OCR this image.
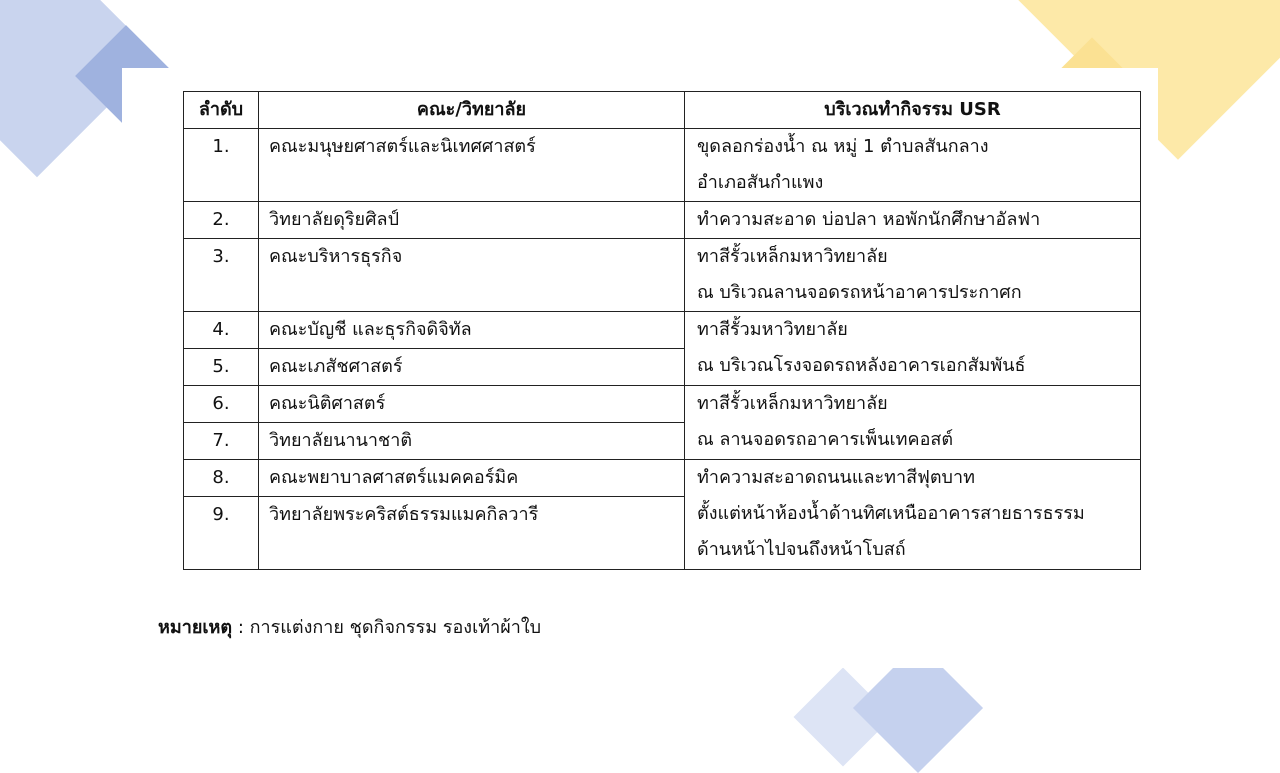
ลำดับ	คณะ/วิทยาลัย	บริเวณทำกิจรรม USR
1.	คณะมนุษยศาสตร์และนิเทศศาสตร์	ขุดลอกร่องน้ำ ณ หมู่ 1 ตำบลสันกลาง
อำเภอสันกำแพง

2.	วิทยาลัยดุริยศิลป์	ทำความสะอาด บ่อปลา หอพักนักศึกษาอัลฟา

3.	คณะบริหารธุรกิจ	ทาสีรั้วเหล็กมหาวิทยาลัย
ณ บริเวณลานจอดรถหน้าอาคารประกาศก

4.	คณะบัญชี และธุรกิจดิจิทัล	ทาสีรั้วมหาวิทยาลัย
ณ บริเวณโรงจอดรถหลังอาคารเอกสัมพันธ์

5.	คณะเภสัชศาสตร์	
6.	คณะนิติศาสตร์	ทาสีรั้วเหล็กมหาวิทยาลัย
ณ ลานจอดรถอาคารเพ็นเทคอสต์

7.	วิทยาลัยนานาชาติ	
8.	คณะพยาบาลศาสตร์แมคคอร์มิค	ทำความสะอาดถนนและทาสีฟุตบาท
ตั้งแต่หน้าห้องน้ำด้านทิศเหนืออาคารสายธารธรรม
ด้านหน้าไปจนถึงหน้าโบสถ์

9.	วิทยาลัยพระคริสต์ธรรมแมคกิลวารี	
หมายเหตุ : การแต่งกาย ชุดกิจกรรม รองเท้าผ้าใบ
